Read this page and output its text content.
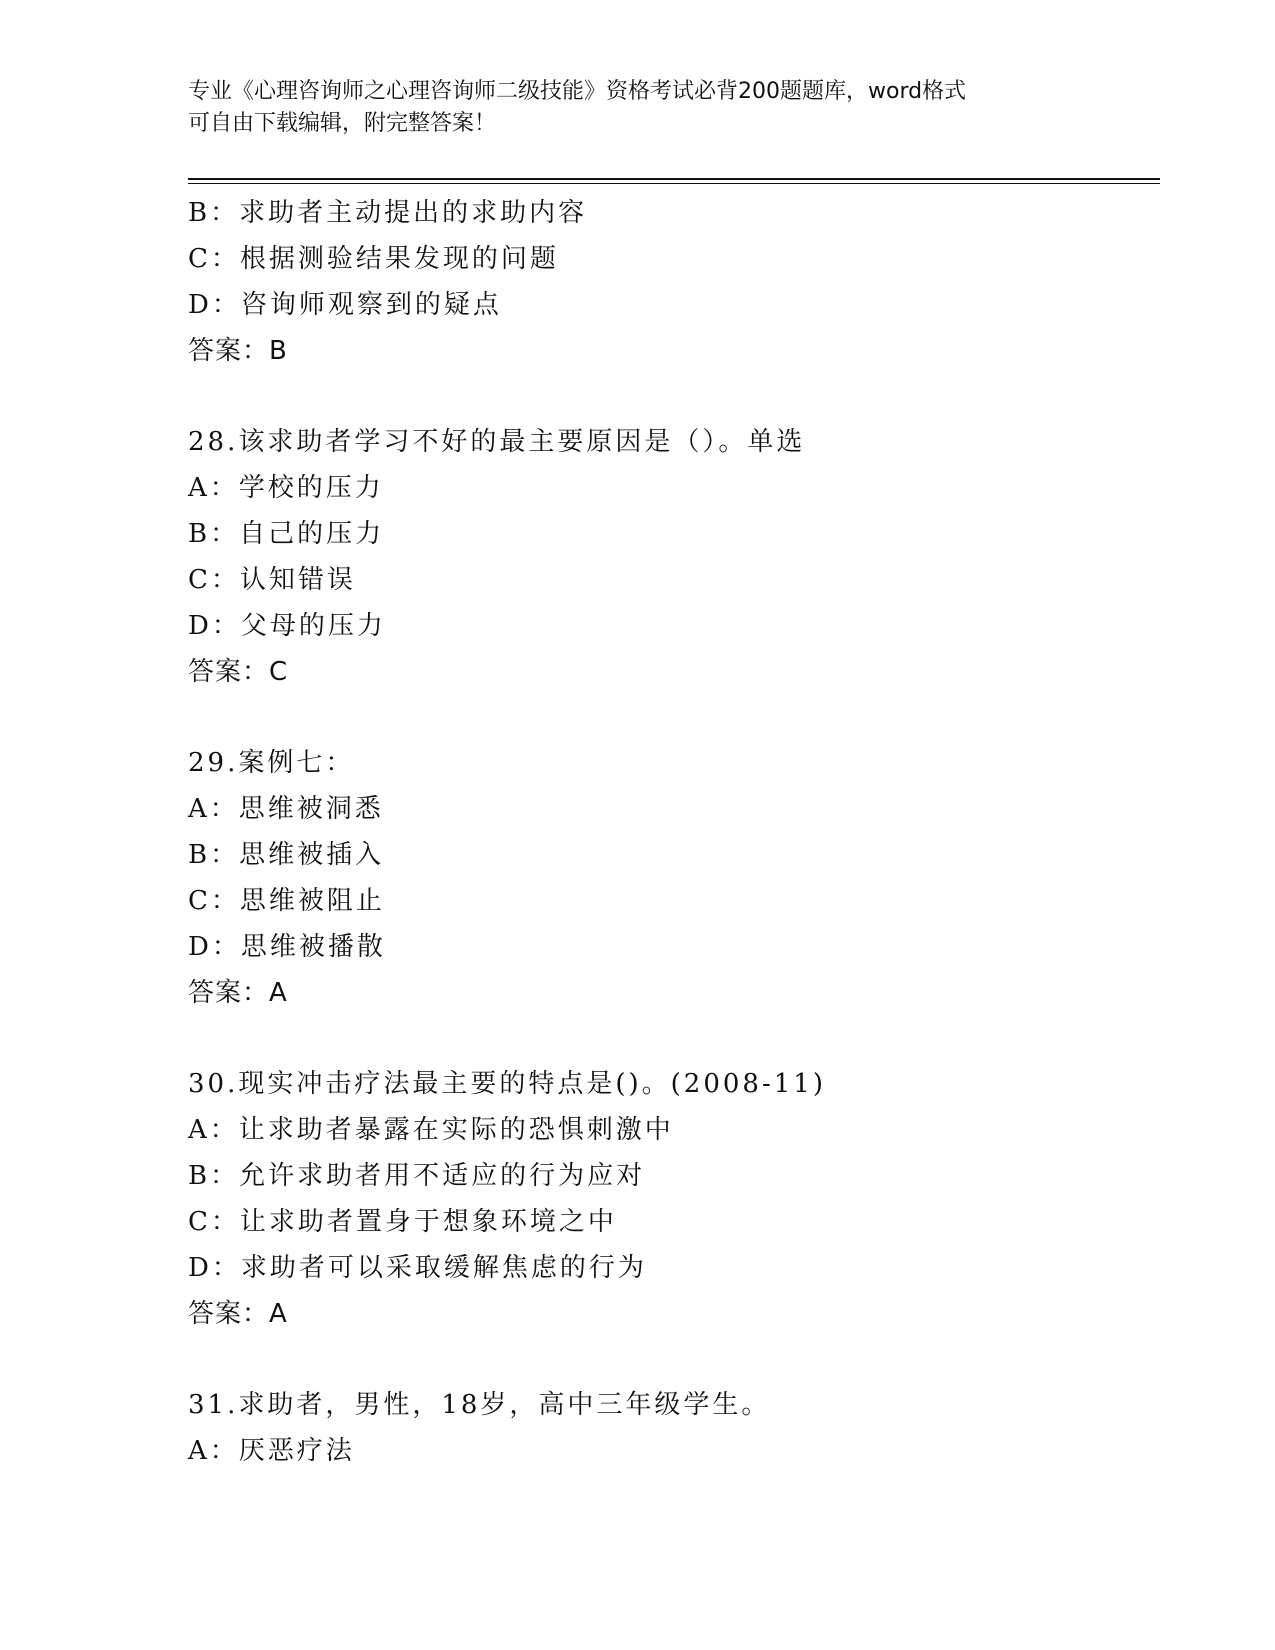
专业《心理咨询师之心理咨询师二级技能》资格考试必背200题题库，word格式
可自由下载编辑，附完整答案！
B：求助者主动提出的求助内容
C：根据测验结果发现的问题
D：咨询师观察到的疑点
答案：B
28.该求助者学习不好的最主要原因是（）。单选
A：学校的压力
B：自己的压力
C：认知错误
D：父母的压力
答案：C
29.案例七：
A：思维被洞悉
B：思维被插入
C：思维被阻止
D：思维被播散
答案：A
30.现实冲击疗法最主要的特点是()。(2008-11)
A：让求助者暴露在实际的恐惧刺激中
B：允许求助者用不适应的行为应对
C：让求助者置身于想象环境之中
D：求助者可以采取缓解焦虑的行为
答案：A
31.求助者，男性，18岁，高中三年级学生。
A：厌恶疗法
